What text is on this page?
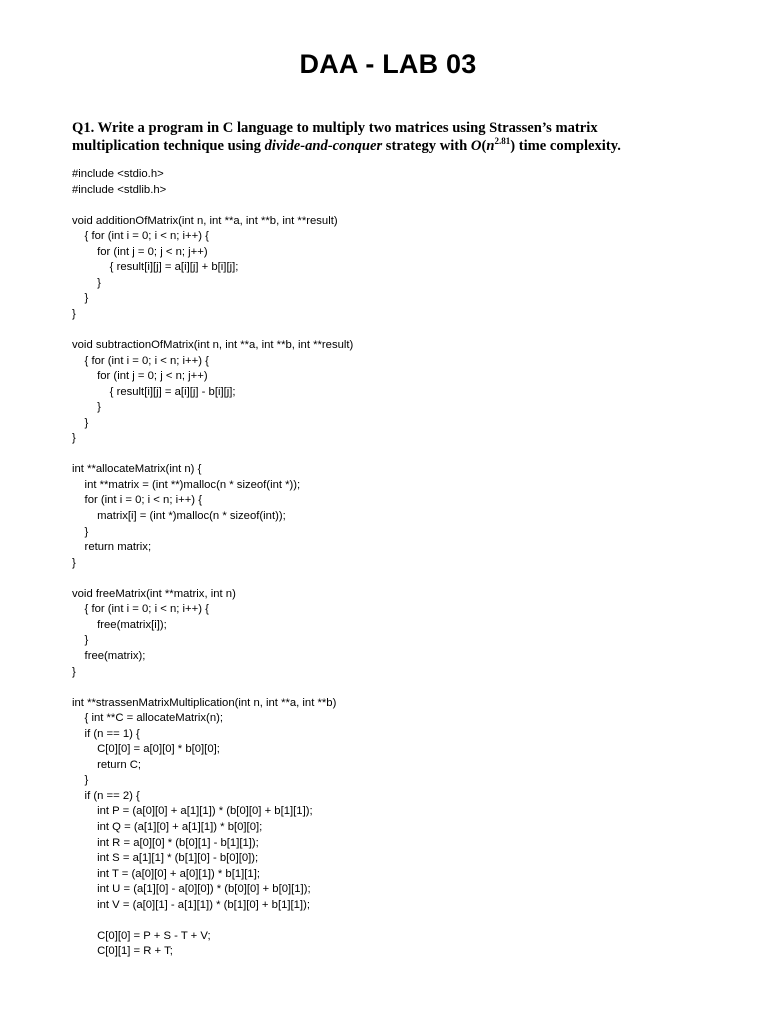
DAA - LAB 03
Q1. Write a program in C language to multiply two matrices using Strassen’s matrix
multiplication technique using divide-and-conquer strategy with $O(n^{2.81})$ time complexity.
#include <stdio.h>
#include <stdlib.h>
void additionOfMatrix(int n, int **a, int **b, int **result)
{ for (int i = 0; i < n; i++) {
for (int j = 0; j < n; j++)
{ result[i][j] = a[i][j] + b[i][j];
}
}
}
void subtractionOfMatrix(int n, int **a, int **b, int **result)
{ for (int i = 0; i < n; i++) {
for (int j = 0; j < n; j++)
{ result[i][j] = a[i][j] - b[i][j];
}
}
}
int **allocateMatrix(int n) {
int **matrix = (int **)malloc(n * sizeof(int *));
for (int i = 0; i < n; i++) {
matrix[i] = (int *)malloc(n * sizeof(int));
}
return matrix;
}
void freeMatrix(int **matrix, int n)
{ for (int i = 0; i < n; i++) {
free(matrix[i]);
}
free(matrix);
}
int **strassenMatrixMultiplication(int n, int **a, int **b)
{ int **C = allocateMatrix(n);
if (n == 1) {
C[0][0] = a[0][0] * b[0][0];
return C;
}
if (n == 2) {
int P = (a[0][0] + a[1][1]) * (b[0][0] + b[1][1]);
int Q = (a[1][0] + a[1][1]) * b[0][0];
int R = a[0][0] * (b[0][1] - b[1][1]);
int S = a[1][1] * (b[1][0] - b[0][0]);
int T = (a[0][0] + a[0][1]) * b[1][1];
int U = (a[1][0] - a[0][0]) * (b[0][0] + b[0][1]);
int V = (a[0][1] - a[1][1]) * (b[1][0] + b[1][1]);
C[0][0] = P + S - T + V;
C[0][1] = R + T;
